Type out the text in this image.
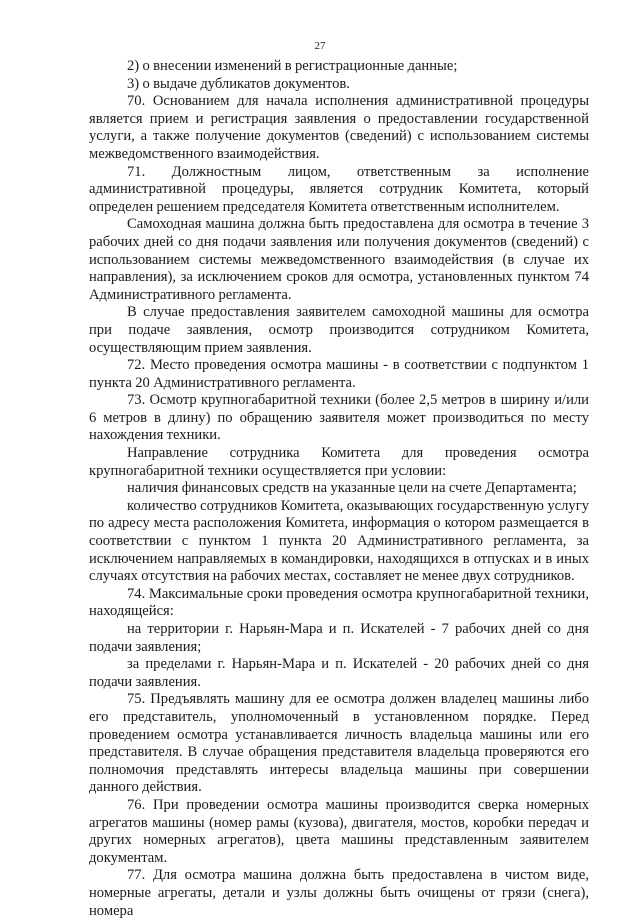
27

2) о внесении изменений в регистрационные данные;

3) о выдаче дубликатов документов.

70. Основанием для начала исполнения административной процедуры является прием и регистрация заявления о предоставлении государственной услуги, а также получение документов (сведений) с использованием системы межведомственного взаимодействия.

71. Должностным лицом, ответственным за исполнение административной процедуры, является сотрудник Комитета, который определен решением председателя Комитета ответственным исполнителем.

Самоходная машина должна быть предоставлена для осмотра в течение 3 рабочих дней со дня подачи заявления или получения документов (сведений) с использованием системы межведомственного взаимодействия (в случае их направления), за исключением сроков для осмотра, установленных пунктом 74 Административного регламента.

В случае предоставления заявителем самоходной машины для осмотра при подаче заявления, осмотр производится сотрудником Комитета, осуществляющим прием заявления.

72. Место проведения осмотра машины - в соответствии с подпунктом 1 пункта 20 Административного регламента.

73. Осмотр крупногабаритной техники (более 2,5 метров в ширину и/или 6 метров в длину) по обращению заявителя может производиться по месту нахождения техники.

Направление сотрудника Комитета для проведения осмотра крупногабаритной техники осуществляется при условии:

наличия финансовых средств на указанные цели на счете Департамента;

количество сотрудников Комитета, оказывающих государственную услугу по адресу места расположения Комитета, информация о котором размещается в соответствии с пунктом 1 пункта 20 Административного регламента, за исключением направляемых в командировки, находящихся в отпусках и в иных случаях отсутствия на рабочих местах, составляет не менее двух сотрудников.

74. Максимальные сроки проведения осмотра крупногабаритной техники, находящейся:

на территории г. Нарьян-Мара и п. Искателей - 7 рабочих дней со дня подачи заявления;

за пределами г. Нарьян-Мара и п. Искателей - 20 рабочих дней со дня подачи заявления.

75. Предъявлять машину для ее осмотра должен владелец машины либо его представитель, уполномоченный в установленном порядке. Перед проведением осмотра устанавливается личность владельца машины или его представителя. В случае обращения представителя владельца проверяются его полномочия представлять интересы владельца машины при совершении данного действия.

76. При проведении осмотра машины производится сверка номерных агрегатов машины (номер рамы (кузова), двигателя, мостов, коробки передач и других номерных агрегатов), цвета машины представленным заявителем документам.

77. Для осмотра машина должна быть предоставлена в чистом виде, номерные агрегаты, детали и узлы должны быть очищены от грязи (снега), номера
